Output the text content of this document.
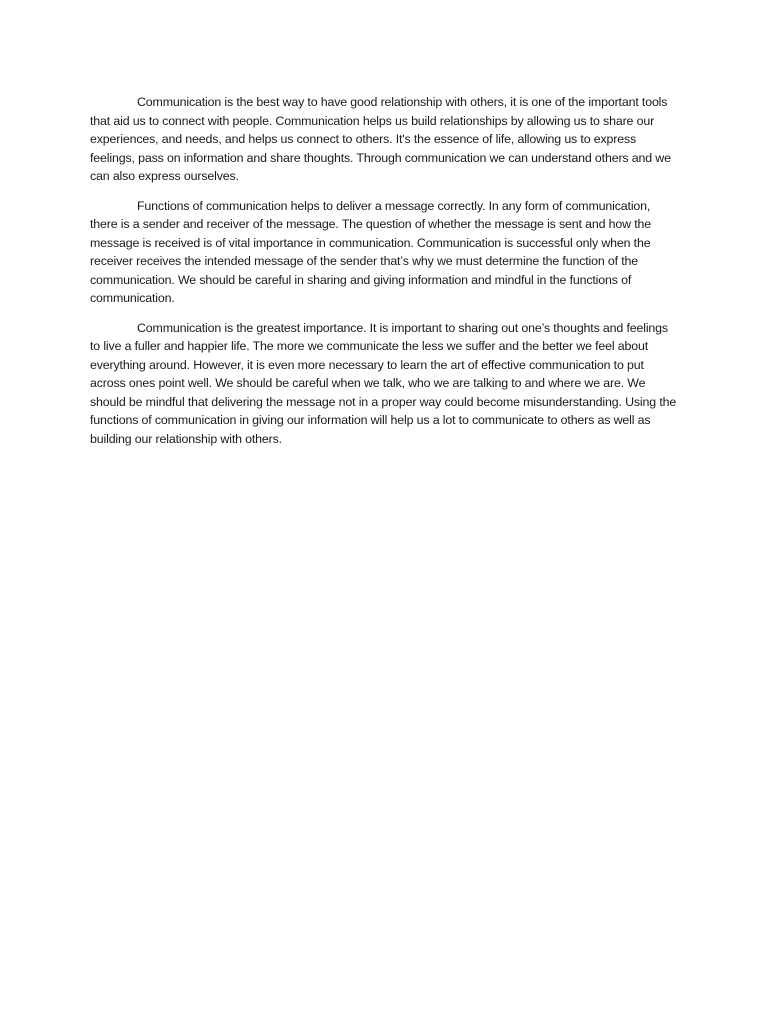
Communication is the best way to have good relationship with others, it is one of the important tools that aid us to connect with people. Communication helps us build relationships by allowing us to share our experiences, and needs, and helps us connect to others. It's the essence of life, allowing us to express feelings, pass on information and share thoughts. Through communication we can understand others and we can also express ourselves.

Functions of communication helps to deliver a message correctly. In any form of communication, there is a sender and receiver of the message. The question of whether the message is sent and how the message is received is of vital importance in communication. Communication is successful only when the receiver receives the intended message of the sender that’s why we must determine the function of the communication. We should be careful in sharing and giving information and mindful in the functions of communication.

Communication is the greatest importance. It is important to sharing out one’s thoughts and feelings to live a fuller and happier life. The more we communicate the less we suffer and the better we feel about everything around. However, it is even more necessary to learn the art of effective communication to put across ones point well. We should be careful when we talk, who we are talking to and where we are. We should be mindful that delivering the message not in a proper way could become misunderstanding. Using the functions of communication in giving our information will help us a lot to communicate to others as well as building our relationship with others.
